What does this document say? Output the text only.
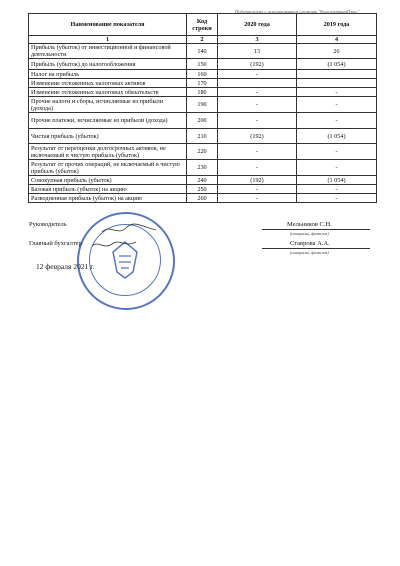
Подготовлено с использованием системы "КонсультантПлюс"
Наименование показателя	Код строки	2020 года	2019 года
1	2	3	4
Прибыль (убыток) от инвестиционной и финансовой деятельности	140	13	26
Прибыль (убыток) до налогообложения	150	(192)	(1 054)
Налог на прибыль	160	-	
Изменение отложенных налоговых активов	170		
Изменение отложенных налоговых обязательств	180	-	-
Прочие налоги и сборы, исчисляемые из прибыли (дохода)	190	-	-
Прочие платежи, исчисляемые из прибыли (дохода)	200	-	-
Чистая прибыль (убыток)	210	(192)	(1 054)
Результат от переоценки долгосрочных активов, не включаемый в чистую прибыль (убыток)	220	-	-
Результат от прочих операций, не включаемый в чистую прибыль (убыток)	230	-	-
Совокупная прибыль (убыток)	240	(192)	(1 054)
Базовая прибыль (убыток) на акцию	250	-	-
Разводненная прибыль (убыток) на акцию	260	-	-
Руководитель	Мельников С.Н.
(инициалы, фамилия)
Главный бухгалтер	Ставрова А.А.
(инициалы, фамилия)
12 февраля 2021 г.
